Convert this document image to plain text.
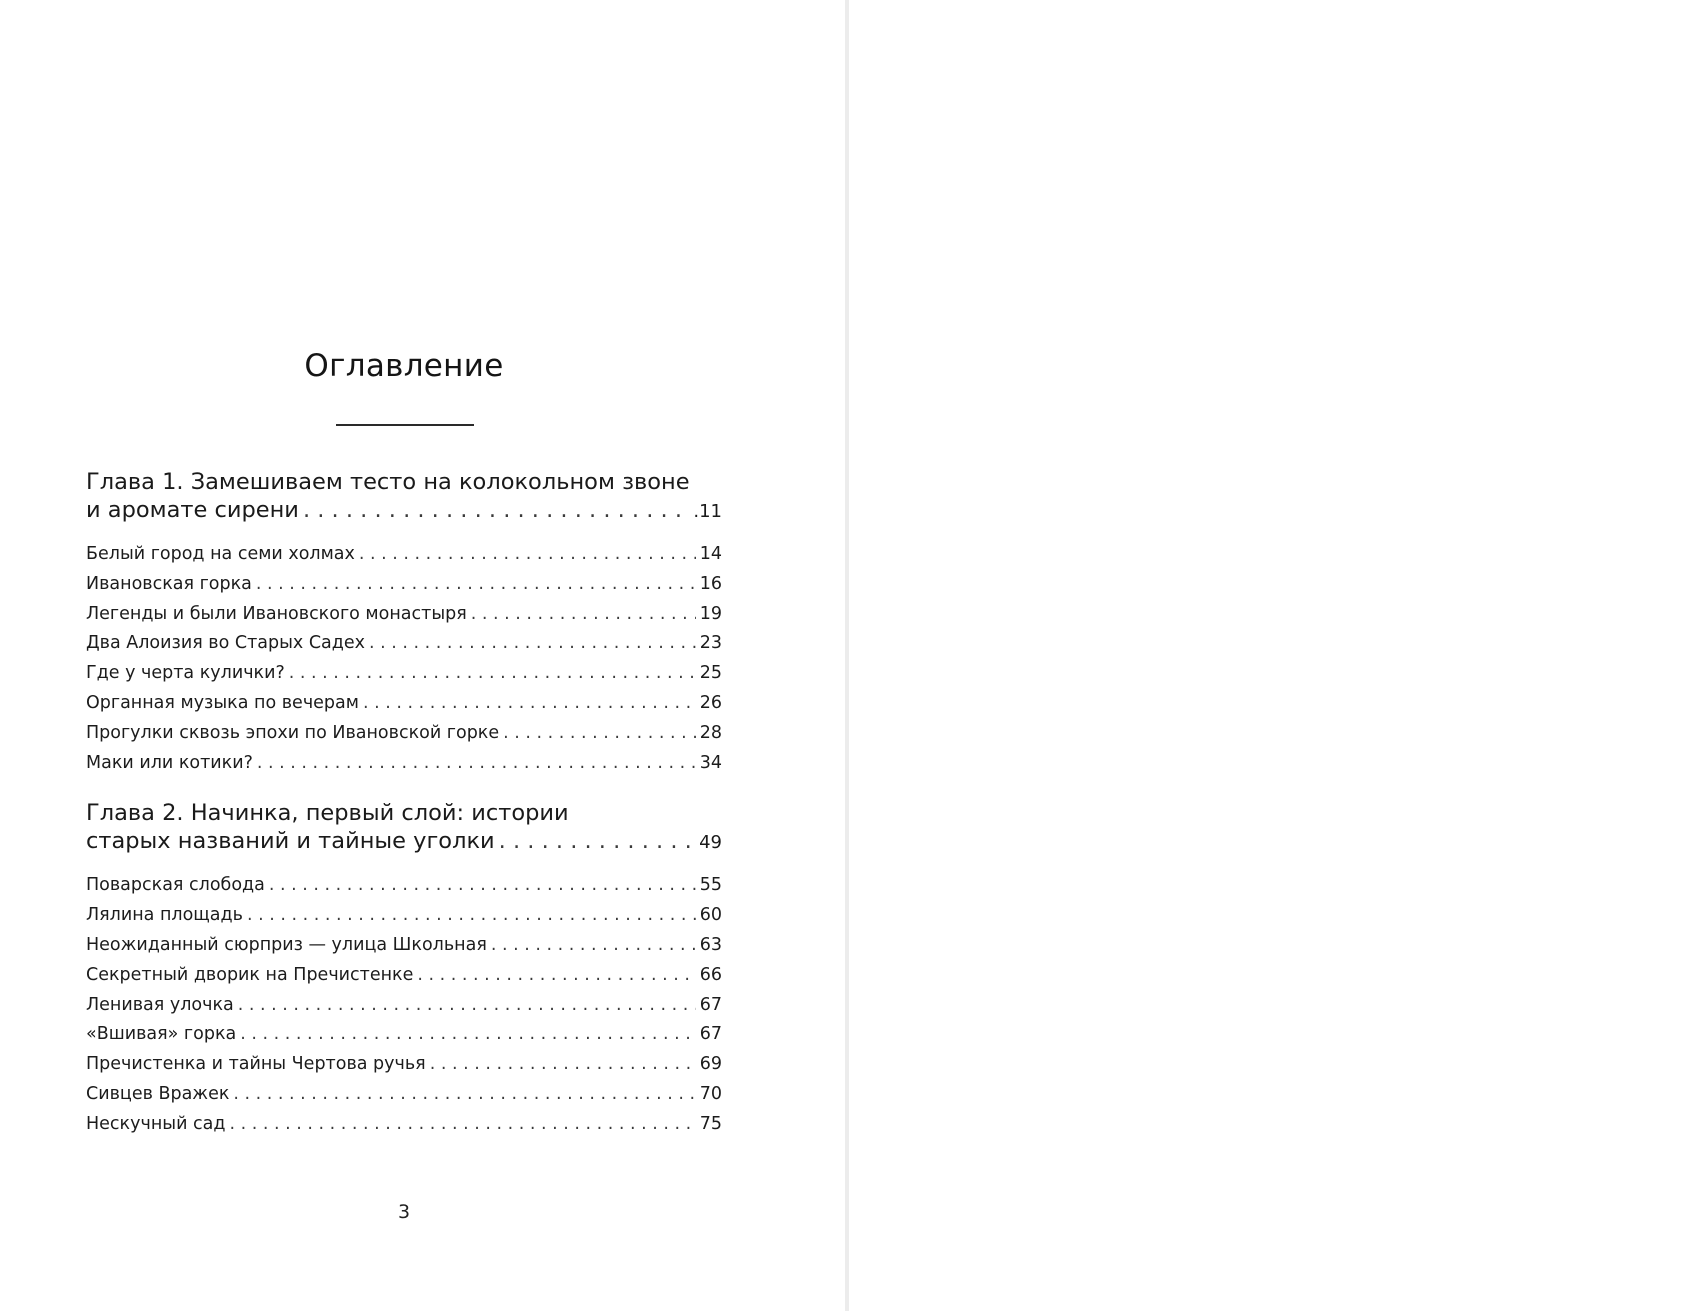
Оглавление
Глава 1. Замешиваем тесто на колокольном звоне
и аромате сирени . . .	.11
Белый город на семи холмах . . .	14
Ивановская горка . . .	16
Легенды и были Ивановского монастыря . . .	19
Два Алоизия во Старых Садех . . .	23
Где у черта кулички? . . .	25
Органная музыка по вечерам . . .	26
Прогулки сквозь эпохи по Ивановской горке . . .	28
Маки или котики? . . .	34
Глава 2. Начинка, первый слой: истории
старых названий и тайные уголки . . .	49
Поварская слобода . . .	55
Лялина площадь . . .	60
Неожиданный сюрприз — улица Школьная . . .	63
Секретный дворик на Пречистенке . . .	66
Ленивая улочка . . .	67
«Вшивая» горка . . .	67
Пречистенка и тайны Чертова ручья . . .	69
Сивцев Вражек . . .	70
Нескучный сад . . .	75
3
